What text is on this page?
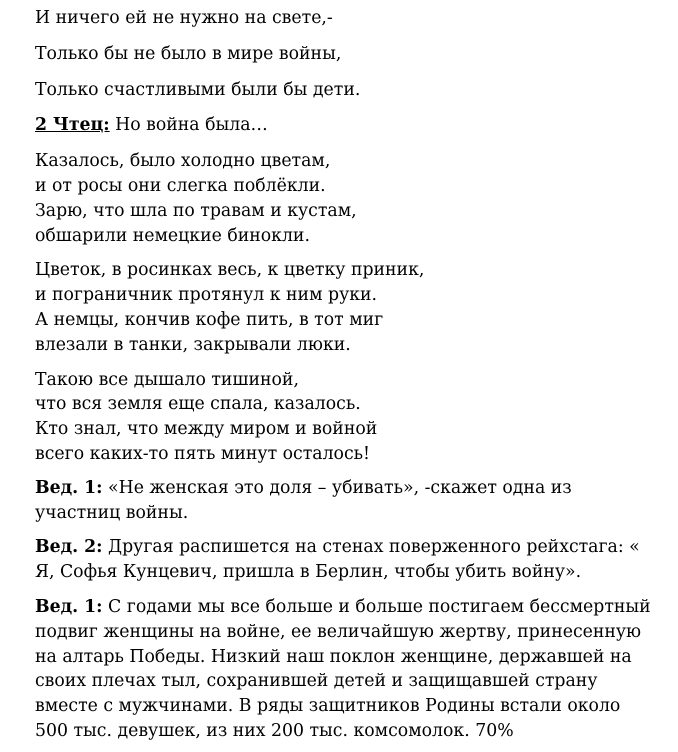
И ничего ей не нужно на свете,-

Только бы не было в мире войны,

Только счастливыми были бы дети.

2 Чтец: Но война была…

Казалось, было холодно цветам,
и от росы они слегка поблёкли.
Зарю, что шла по травам и кустам,
обшарили немецкие бинокли.
Цветок, в росинках весь, к цветку приник,
и пограничник протянул к ним руки.
А немцы, кончив кофе пить, в тот миг
влезали в танки, закрывали люки.
Такою все дышало тишиной,
что вся земля еще спала, казалось.
Кто знал, что между миром и войной
всего каких-то пять минут осталось!
Вед. 1: «Не женская это доля – убивать», -скажет одна из
участниц войны.
Вед. 2: Другая распишется на стенах поверженного рейхстага: «
Я, Софья Кунцевич, пришла в Берлин, чтобы убить войну».
Вед. 1: С годами мы все больше и больше постигаем бессмертный
подвиг женщины на войне, ее величайшую жертву, принесенную
на алтарь Победы. Низкий наш поклон женщине, державшей на
своих плечах тыл, сохранившей детей и защищавшей страну
вместе с мужчинами. В ряды защитников Родины встали около
500 тыс. девушек, из них 200 тыс. комсомолок. 70%
